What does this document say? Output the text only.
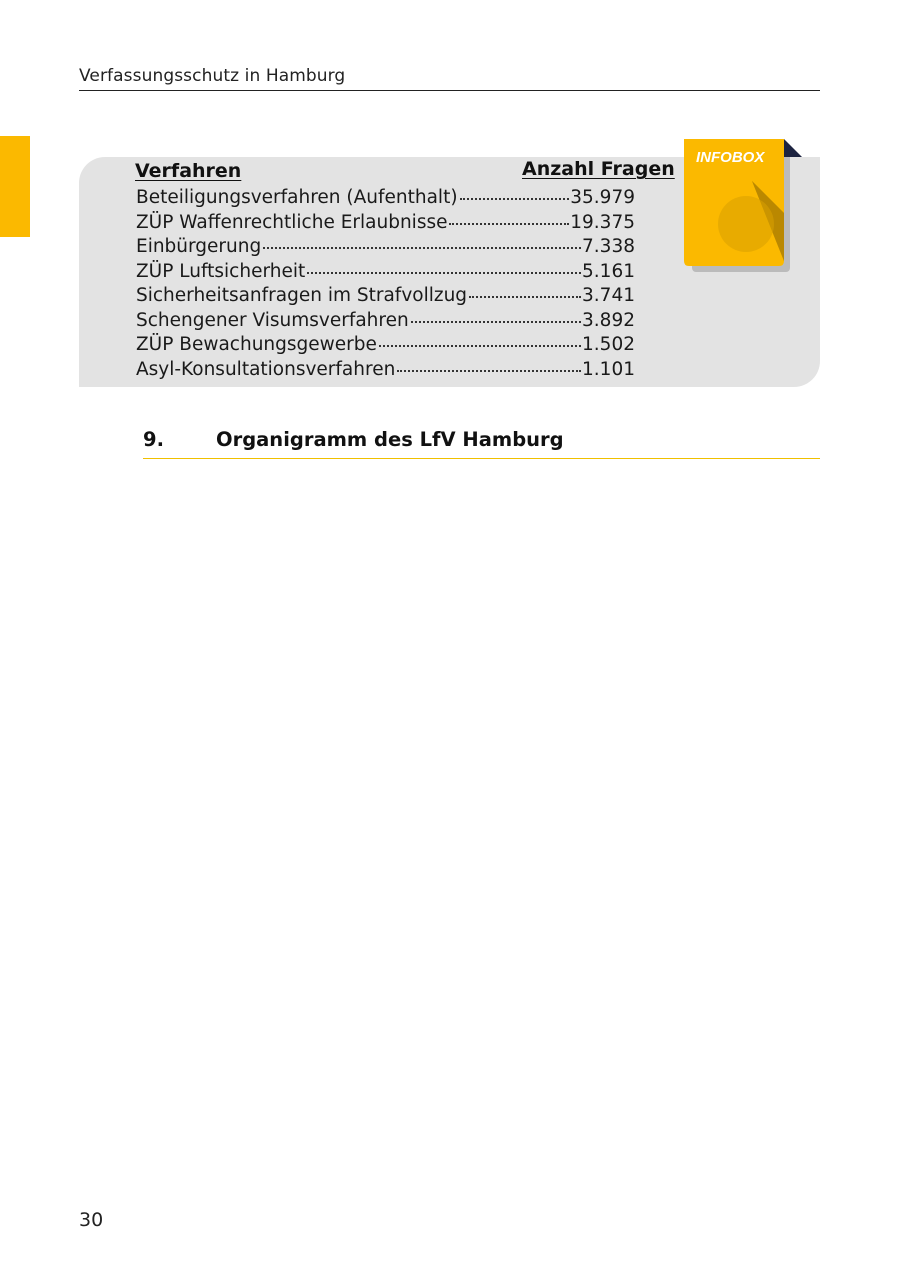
Verfassungsschutz in Hamburg
Verfahren	Anzahl Fragen
Beteiligungsverfahren (Aufenthalt)	35.979
ZÜP Waffenrechtliche Erlaubnisse	19.375
Einbürgerung	7.338
ZÜP Luftsicherheit	5.161
Sicherheitsanfragen im Strafvollzug	3.741
Schengener Visumsverfahren	3.892
ZÜP Bewachungsgewerbe	1.502
Asyl-Konsultationsverfahren	1.101
INFOBOX
9.	Organigramm des LfV Hamburg
30
